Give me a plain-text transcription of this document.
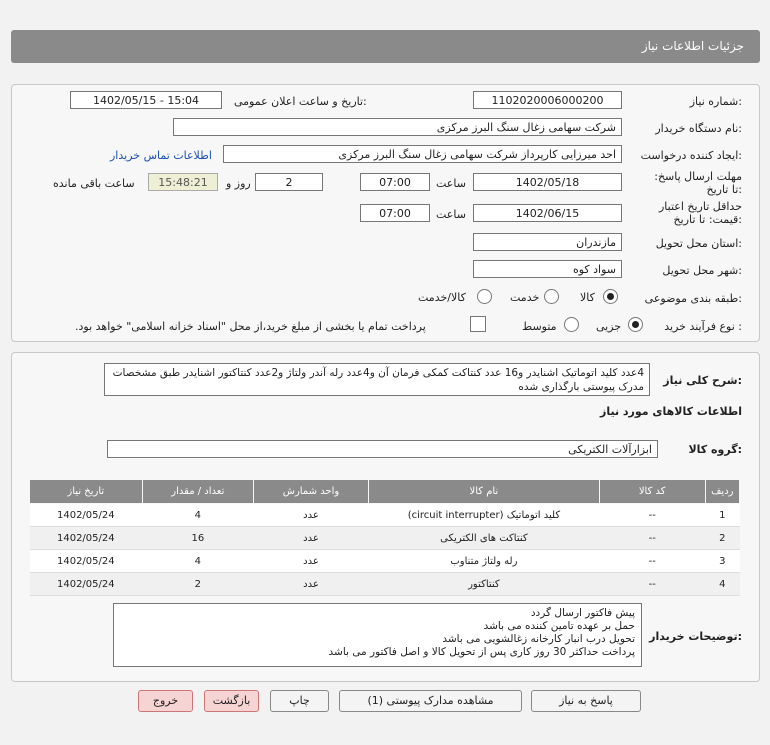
جزئیات اطلاعات نیاز
شماره نیاز:
1102020006000200
تاریخ و ساعت اعلان عمومی:
1402/05/15 - 15:04
نام دستگاه خریدار:
شرکت سهامی زغال سنگ البرز مرکزی
ایجاد کننده درخواست:
احد میرزایی کارپرداز شرکت سهامی زغال سنگ البرز مرکزی
اطلاعات تماس خریدار
مهلت ارسال پاسخ: تا تاریخ:
1402/05/18
ساعت
07:00
2
روز و
15:48:21
ساعت باقی مانده
حداقل تاریخ اعتبار قیمت: تا تاریخ:
1402/06/15
ساعت
07:00
استان محل تحویل:
مازندران
شهر محل تحویل:
سواد کوه
طبقه بندی موضوعی:
کالا
خدمت
کالا/خدمت
نوع فرآیند خرید :
جزیی
متوسط
پرداخت تمام یا بخشی از مبلغ خرید،از محل "اسناد خزانه اسلامی" خواهد بود.
شرح کلی نیاز:
4عدد کلید اتوماتیک اشنایدر و16 عدد کنتاکت کمکی فرمان آن و4عدد رله آندر ولتاژ و2عدد کنتاکتور اشنایدر طبق مشخصات مدرک پیوستی بارگذاری شده
اطلاعات کالاهای مورد نیاز
گروه کالا:
ابزارآلات الکتریکی
ردیف	کد کالا	نام کالا	واحد شمارش	تعداد / مقدار	تاریخ نیاز
1	--	کلید اتوماتیک (circuit interrupter)	عدد	4	1402/05/24
2	--	کنتاکت های الکتریکی	عدد	16	1402/05/24
3	--	رله ولتاژ متناوب	عدد	4	1402/05/24
4	--	کنتاکتور	عدد	2	1402/05/24
توضیحات خریدار:
پیش فاکتور ارسال گردد
حمل بر عهده تامین کننده می باشد
تحویل درب انبار کارخانه زغالشویی می باشد
پرداخت حداکثر 30 روز کاری پس از تحویل کالا و اصل فاکتور می باشد
پاسخ به نیاز
مشاهده مدارک پیوستی (1)
چاپ
بازگشت
خروج
